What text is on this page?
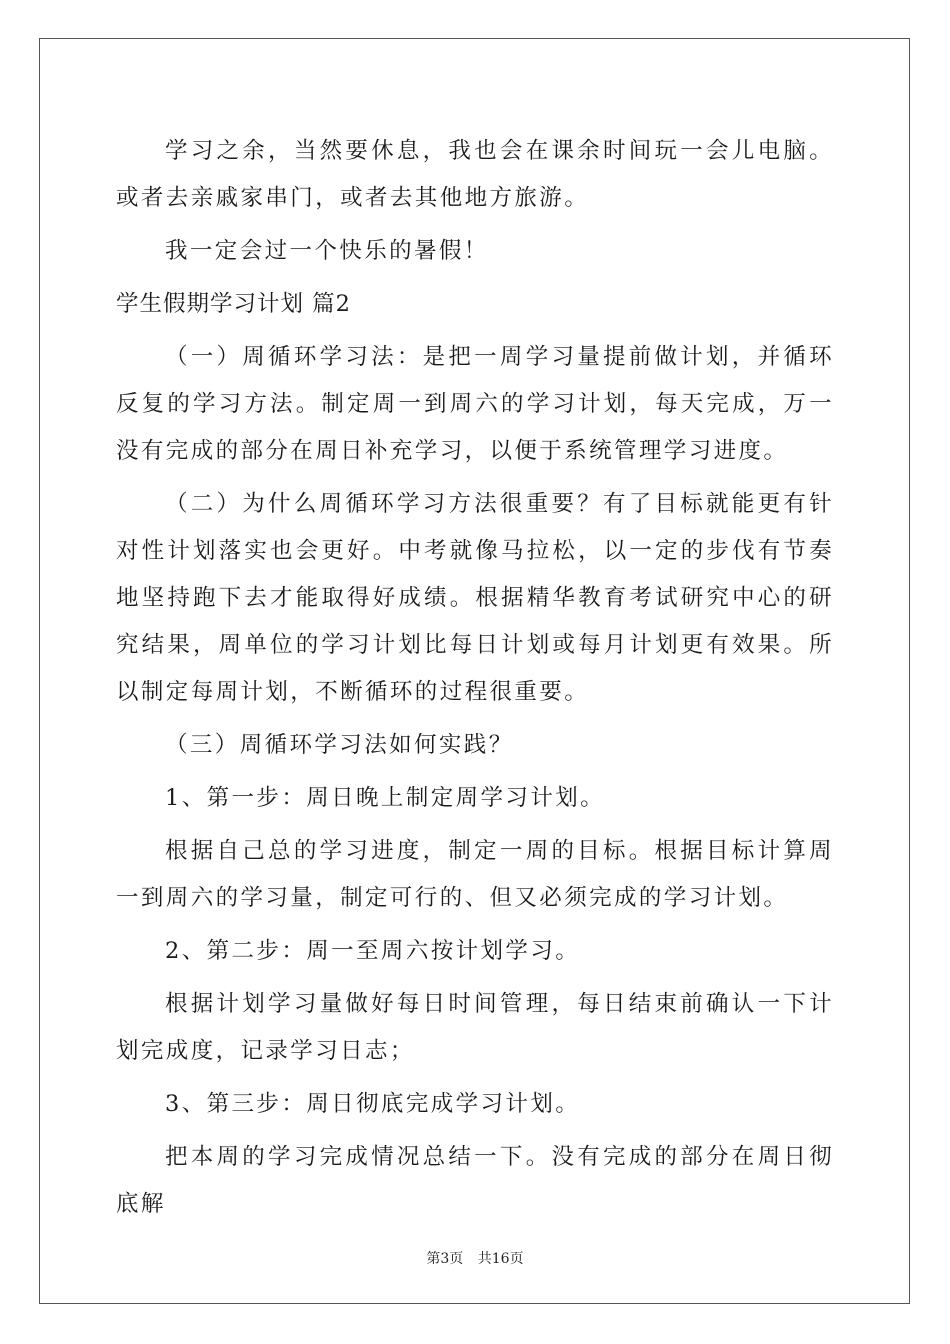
学习之余，当然要休息，我也会在课余时间玩一会儿电脑。或者去亲戚家串门，或者去其他地方旅游。

我一定会过一个快乐的暑假！

学生假期学习计划 篇2

（一）周循环学习法：是把一周学习量提前做计划，并循环反复的学习方法。制定周一到周六的学习计划，每天完成，万一没有完成的部分在周日补充学习，以便于系统管理学习进度。

（二）为什么周循环学习方法很重要？有了目标就能更有针对性计划落实也会更好。中考就像马拉松，以一定的步伐有节奏地坚持跑下去才能取得好成绩。根据精华教育考试研究中心的研究结果，周单位的学习计划比每日计划或每月计划更有效果。所以制定每周计划，不断循环的过程很重要。

（三）周循环学习法如何实践？

1、第一步：周日晚上制定周学习计划。

根据自己总的学习进度，制定一周的目标。根据目标计算周一到周六的学习量，制定可行的、但又必须完成的学习计划。

2、第二步：周一至周六按计划学习。

根据计划学习量做好每日时间管理，每日结束前确认一下计划完成度，记录学习日志；

3、第三步：周日彻底完成学习计划。

把本周的学习完成情况总结一下。没有完成的部分在周日彻底解

第3页 共16页
